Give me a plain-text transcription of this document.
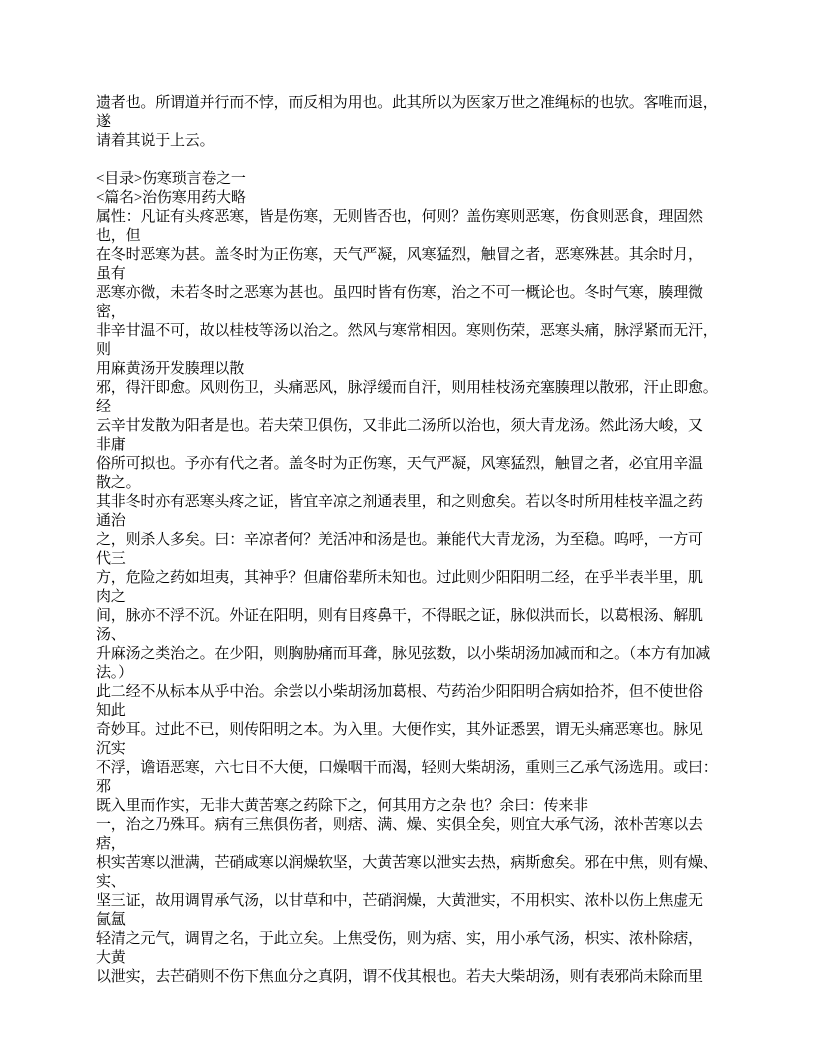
遗者也。所谓道并行而不悖，而反相为用也。此其所以为医家万世之准绳标的也欤。客唯而退，
遂
请着其说于上云。
<目录>伤寒琐言卷之一
<篇名>治伤寒用药大略
属性：凡证有头疼恶寒，皆是伤寒，无则皆否也，何则？盖伤寒则恶寒，伤食则恶食，理固然
也，但
在冬时恶寒为甚。盖冬时为正伤寒，天气严凝，风寒猛烈，触冒之者，恶寒殊甚。其余时月，
虽有
恶寒亦微，未若冬时之恶寒为甚也。虽四时皆有伤寒，治之不可一概论也。冬时气寒，腠理微
密，
非辛甘温不可，故以桂枝等汤以治之。然风与寒常相因。寒则伤荣，恶寒头痛，脉浮紧而无汗，
则
用麻黄汤开发腠理以散
邪，得汗即愈。风则伤卫，头痛恶风，脉浮缓而自汗，则用桂枝汤充塞腠理以散邪，汗止即愈。
经
云辛甘发散为阳者是也。若夫荣卫俱伤，又非此二汤所以治也，须大青龙汤。然此汤大峻，又
非庸
俗所可拟也。予亦有代之者。盖冬时为正伤寒，天气严凝，风寒猛烈，触冒之者，必宜用辛温
散之。
其非冬时亦有恶寒头疼之证，皆宜辛凉之剂通表里，和之则愈矣。若以冬时所用桂枝辛温之药
通治
之，则杀人多矣。曰：辛凉者何？羌活冲和汤是也。兼能代大青龙汤，为至稳。呜呼，一方可
代三
方，危险之药如坦夷，其神乎？但庸俗辈所未知也。过此则少阳阳明二经，在乎半表半里，肌
肉之
间，脉亦不浮不沉。外证在阳明，则有目疼鼻干，不得眠之证，脉似洪而长，以葛根汤、解肌
汤、
升麻汤之类治之。在少阳，则胸胁痛而耳聋，脉见弦数，以小柴胡汤加减而和之。（本方有加减
法。）
此二经不从标本从乎中治。余尝以小柴胡汤加葛根、芍药治少阳阳明合病如拾芥，但不使世俗
知此
奇妙耳。过此不已，则传阳明之本。为入里。大便作实，其外证悉罢，谓无头痛恶寒也。脉见
沉实
不浮，谵语恶寒，六七日不大便，口燥咽干而渴，轻则大柴胡汤，重则三乙承气汤选用。或曰：
邪
既入里而作实，无非大黄苦寒之药除下之，何其用方之杂 也？余曰：传来非
一，治之乃殊耳。病有三焦俱伤者，则痞、满、燥、实俱全矣，则宜大承气汤，浓朴苦寒以去
痞，
枳实苦寒以泄满，芒硝咸寒以润燥软坚，大黄苦寒以泄实去热，病斯愈矣。邪在中焦，则有燥、
实、
坚三证，故用调胃承气汤，以甘草和中，芒硝润燥，大黄泄实，不用枳实、浓朴以伤上焦虚无
氤氲
轻清之元气，调胃之名，于此立矣。上焦受伤，则为痞、实，用小承气汤，枳实、浓朴除痞，
大黄
以泄实，去芒硝则不伤下焦血分之真阴，谓不伐其根也。若夫大柴胡汤，则有表邪尚未除而里
